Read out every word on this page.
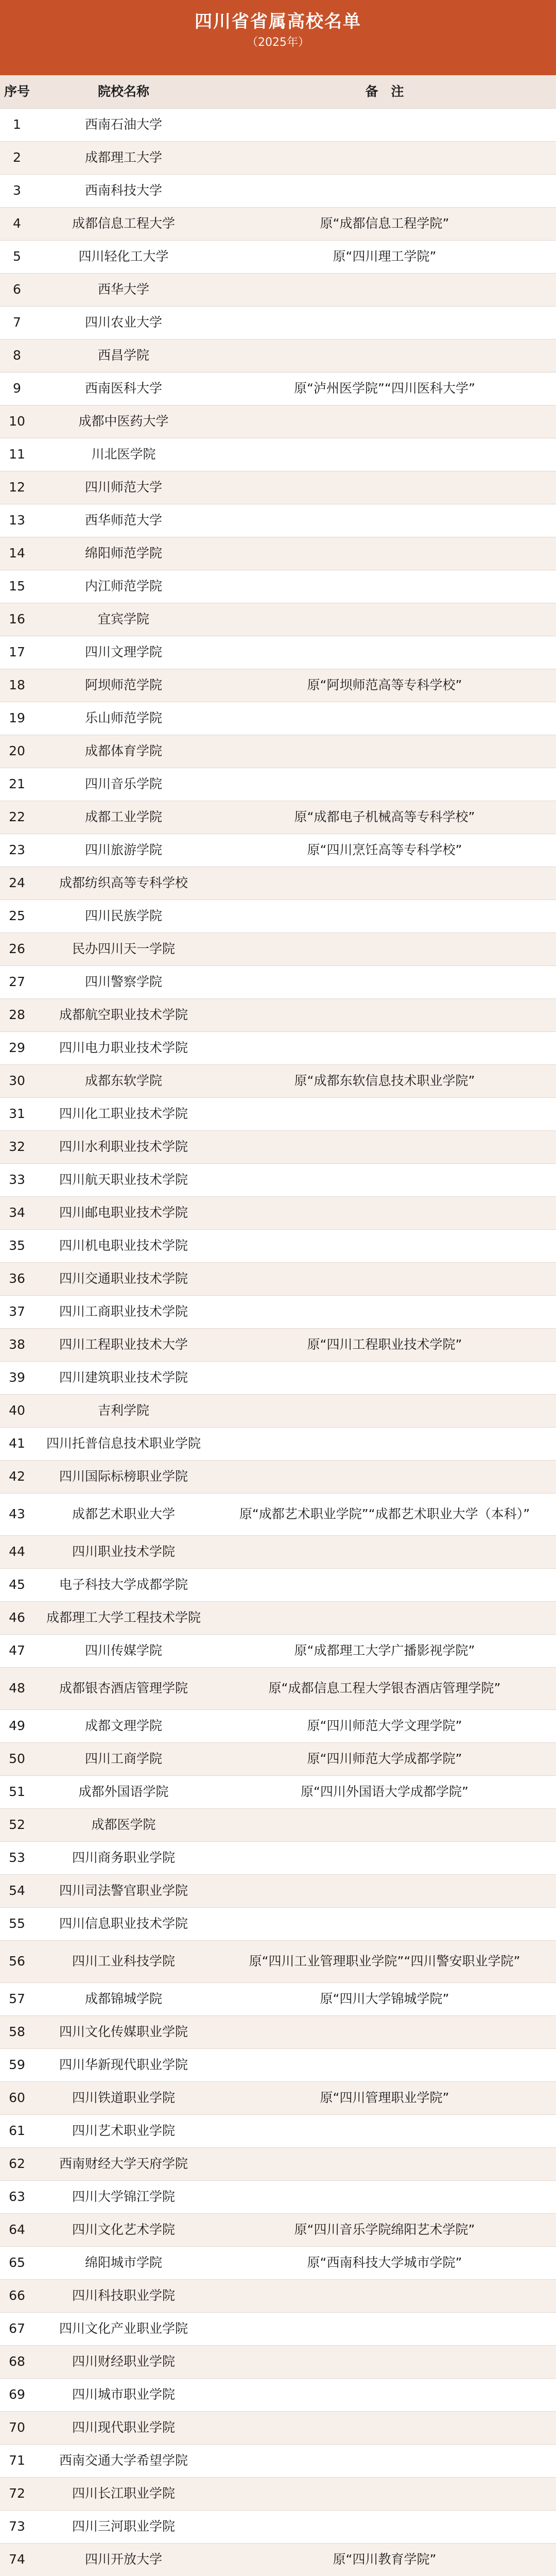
四川省省属高校名单
（2025年）
序号	院校名称	备　注
1	西南石油大学	
2	成都理工大学	
3	西南科技大学	
4	成都信息工程大学	原“成都信息工程学院”
5	四川轻化工大学	原“四川理工学院”
6	西华大学	
7	四川农业大学	
8	西昌学院	
9	西南医科大学	原“泸州医学院”“四川医科大学”
10	成都中医药大学	
11	川北医学院	
12	四川师范大学	
13	西华师范大学	
14	绵阳师范学院	
15	内江师范学院	
16	宜宾学院	
17	四川文理学院	
18	阿坝师范学院	原“阿坝师范高等专科学校”
19	乐山师范学院	
20	成都体育学院	
21	四川音乐学院	
22	成都工业学院	原“成都电子机械高等专科学校”
23	四川旅游学院	原“四川烹饪高等专科学校”
24	成都纺织高等专科学校	
25	四川民族学院	
26	民办四川天一学院	
27	四川警察学院	
28	成都航空职业技术学院	
29	四川电力职业技术学院	
30	成都东软学院	原“成都东软信息技术职业学院”
31	四川化工职业技术学院	
32	四川水利职业技术学院	
33	四川航天职业技术学院	
34	四川邮电职业技术学院	
35	四川机电职业技术学院	
36	四川交通职业技术学院	
37	四川工商职业技术学院	
38	四川工程职业技术大学	原“四川工程职业技术学院”
39	四川建筑职业技术学院	
40	吉利学院	
41	四川托普信息技术职业学院	
42	四川国际标榜职业学院	
43	成都艺术职业大学	原“成都艺术职业学院”“成都艺术职业大学（本科）”
44	四川职业技术学院	
45	电子科技大学成都学院	
46	成都理工大学工程技术学院	
47	四川传媒学院	原“成都理工大学广播影视学院”
48	成都银杏酒店管理学院	原“成都信息工程大学银杏酒店管理学院”
49	成都文理学院	原“四川师范大学文理学院”
50	四川工商学院	原“四川师范大学成都学院”
51	成都外国语学院	原“四川外国语大学成都学院”
52	成都医学院	
53	四川商务职业学院	
54	四川司法警官职业学院	
55	四川信息职业技术学院	
56	四川工业科技学院	原“四川工业管理职业学院”“四川警安职业学院”
57	成都锦城学院	原“四川大学锦城学院”
58	四川文化传媒职业学院	
59	四川华新现代职业学院	
60	四川铁道职业学院	原“四川管理职业学院”
61	四川艺术职业学院	
62	西南财经大学天府学院	
63	四川大学锦江学院	
64	四川文化艺术学院	原“四川音乐学院绵阳艺术学院”
65	绵阳城市学院	原“西南科技大学城市学院”
66	四川科技职业学院	
67	四川文化产业职业学院	
68	四川财经职业学院	
69	四川城市职业学院	
70	四川现代职业学院	
71	西南交通大学希望学院	
72	四川长江职业学院	
73	四川三河职业学院	
74	四川开放大学	原“四川教育学院”
